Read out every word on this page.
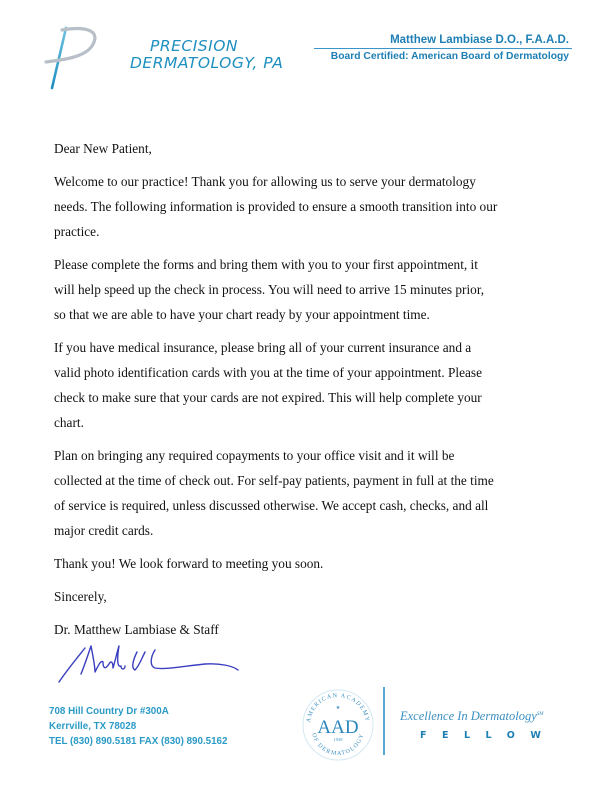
PRECISION
DERMATOLOGY, PA
Matthew Lambiase D.O., F.A.A.D.
Board Certified: American Board of Dermatology

Dear New Patient,

Welcome to our practice! Thank you for allowing us to serve your dermatology
needs. The following information is provided to ensure a smooth transition into our
practice.

Please complete the forms and bring them with you to your first appointment, it
will help speed up the check in process. You will need to arrive 15 minutes prior,
so that we are able to have your chart ready by your appointment time.

If you have medical insurance, please bring all of your current insurance and a
valid photo identification cards with you at the time of your appointment. Please
check to make sure that your cards are not expired. This will help complete your
chart.

Plan on bringing any required copayments to your office visit and it will be
collected at the time of check out. For self-pay patients, payment in full at the time
of service is required, unless discussed otherwise. We accept cash, checks, and all
major credit cards.

Thank you! We look forward to meeting you soon.

Sincerely,

Dr. Matthew Lambiase & Staff

708 Hill Country Dr #300A
Kerrville, TX 78028
TEL (830) 890.5181 FAX (830) 890.5162
AMERICAN ACADEMY
OF DERMATOLOGY
★
AAD
1938
Excellence In Dermatology℠
FELLOW
